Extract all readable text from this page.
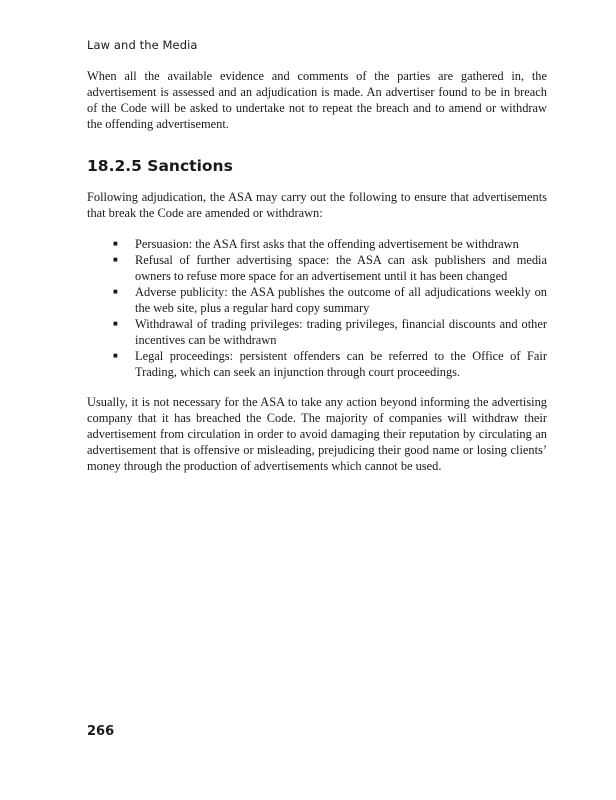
Law and the Media

When all the available evidence and comments of the parties are gathered in, the advertisement is assessed and an adjudication is made. An advertiser found to be in breach of the Code will be asked to undertake not to repeat the breach and to amend or withdraw the offending advertisement.

18.2.5 Sanctions

Following adjudication, the ASA may carry out the following to ensure that advertisements that break the Code are amended or withdrawn:

■ Persuasion: the ASA first asks that the offending advertisement be withdrawn
■ Refusal of further advertising space: the ASA can ask publishers and media owners to refuse more space for an advertisement until it has been changed
■ Adverse publicity: the ASA publishes the outcome of all adjudications weekly on the web site, plus a regular hard copy summary
■ Withdrawal of trading privileges: trading privileges, financial discounts and other incentives can be withdrawn
■ Legal proceedings: persistent offenders can be referred to the Office of Fair Trading, which can seek an injunction through court proceedings.

Usually, it is not necessary for the ASA to take any action beyond informing the advertising company that it has breached the Code. The majority of companies will withdraw their advertisement from circulation in order to avoid damaging their reputation by circulating an advertisement that is offensive or misleading, prejudicing their good name or losing clients’ money through the production of advertisements which cannot be used.

266
